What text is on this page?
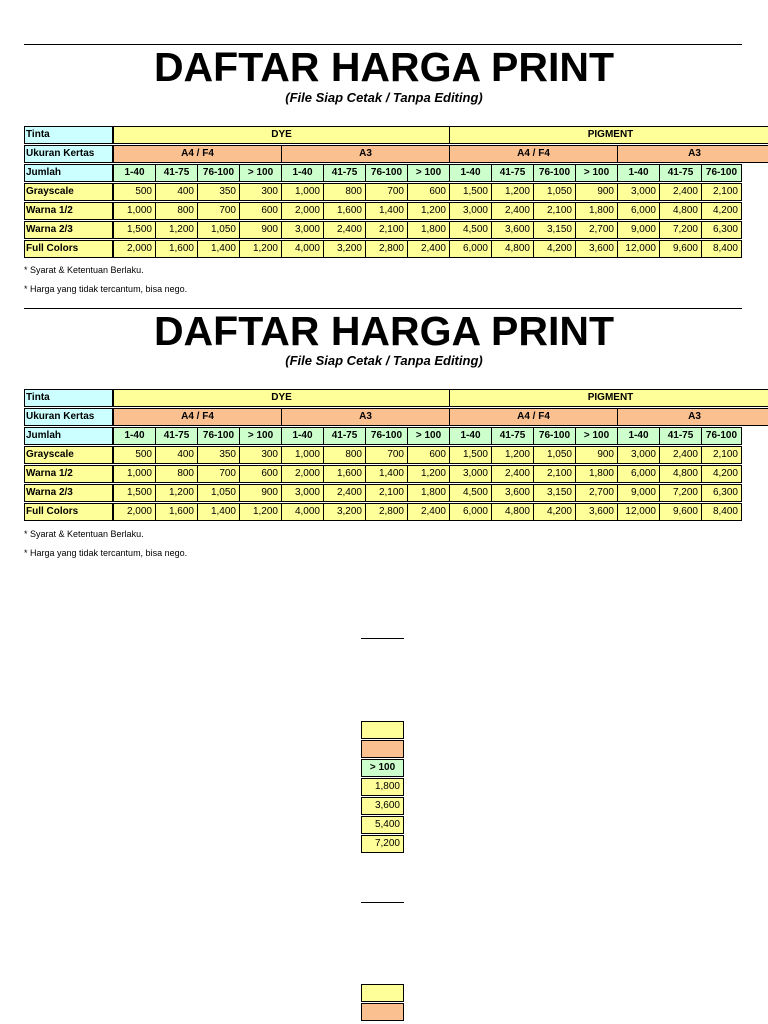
DAFTAR HARGA PRINT
(File Siap Cetak / Tanpa Editing)
Tinta	DYE	PIGMENT
Ukuran Kertas	A4 / F4	A3	A4 / F4	A3
Jumlah	1-40	41-75	76-100	> 100	1-40	41-75	76-100	> 100	1-40	41-75	76-100	> 100	1-40	41-75	76-100
Grayscale	500	400	350	300	1,000	800	700	600	1,500	1,200	1,050	900	3,000	2,400	2,100
Warna 1/2	1,000	800	700	600	2,000	1,600	1,400	1,200	3,000	2,400	2,100	1,800	6,000	4,800	4,200
Warna 2/3	1,500	1,200	1,050	900	3,000	2,400	2,100	1,800	4,500	3,600	3,150	2,700	9,000	7,200	6,300
Full Colors	2,000	1,600	1,400	1,200	4,000	3,200	2,800	2,400	6,000	4,800	4,200	3,600	12,000	9,600	8,400
* Syarat & Ketentuan Berlaku.
* Harga yang tidak tercantum, bisa nego.
DAFTAR HARGA PRINT
(File Siap Cetak / Tanpa Editing)
Tinta	DYE	PIGMENT
Ukuran Kertas	A4 / F4	A3	A4 / F4	A3
Jumlah	1-40	41-75	76-100	> 100	1-40	41-75	76-100	> 100	1-40	41-75	76-100	> 100	1-40	41-75	76-100
Grayscale	500	400	350	300	1,000	800	700	600	1,500	1,200	1,050	900	3,000	2,400	2,100
Warna 1/2	1,000	800	700	600	2,000	1,600	1,400	1,200	3,000	2,400	2,100	1,800	6,000	4,800	4,200
Warna 2/3	1,500	1,200	1,050	900	3,000	2,400	2,100	1,800	4,500	3,600	3,150	2,700	9,000	7,200	6,300
Full Colors	2,000	1,600	1,400	1,200	4,000	3,200	2,800	2,400	6,000	4,800	4,200	3,600	12,000	9,600	8,400
* Syarat & Ketentuan Berlaku.
* Harga yang tidak tercantum, bisa nego.
> 100
1,800
3,600
5,400
7,200
